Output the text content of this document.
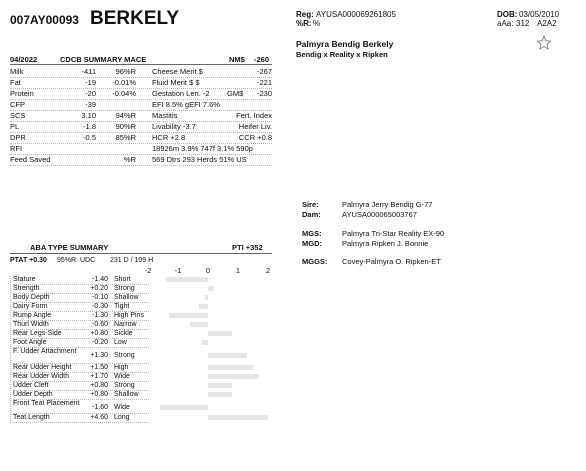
007AY00093 BERKELY	Reg: AYUSA000069261805
%R: %
DOB: 03/05/2010
aAa: 312 A2A2
Palmyra Bendig Berkely
Bendig x Reality x Ripken
04/2022	CDCB SUMMARY MACE	NM$ -260
Milk	-411	96%R Cheese Merit $	-267
Fat	-19	-0.01% Fluid Merit $ $	-221
Protein	-20	-0.04% Gestation Len. -2 GM$	-230
CFP	-39	EFI 8.5% gEFI 7.6%
SCS	3.10	94%R Mastitis	Fert. Index
PL	-1.8	90%R Livability -3.7	Heifer Liv.
DPR	-0.5	85%R HCR +2.8	CCR +0.8
RFI	18926m 3.9% 747f 3.1% 590p
Feed Saved	%R 569 Dtrs 293 Herds 51% US
Sire:	Palmyra Jerry Bendig G-77
Dam:	AYUSA000065003767
MGS:	Palmyra Tri-Star Reality EX-90
MGD:	Palmyra Ripken J. Bonnie
MGGS: Covey-Palmyra O. Ripken-ET
ABA TYPE SUMMARY	PTI +352
PTAT +0.30 95%R UDC 231 D / 109 H
-2	-1	0	1	2
Stature	-1.40 Short
Strength	+0.20 Strong
Body Depth	-0.10 Shallow
Dairy Form	-0.30 Tight
Rump Angle	-1.30 High Pins
Thurl Width	-0.60 Narrow
Rear Legs-Side	+0.80 Sickle
Foot Angle	-0.20 Low
F. Udder Attachment
+1.30 Strong
Rear Udder Height	+1.50 High
Rear Udder Width	+1.70 Wide
Udder Cleft	+0.80 Strong
Udder Depth	+0.80 Shallow
Front Teat Placement
-1.60 Wide
Teat Length	+4.60 Long
